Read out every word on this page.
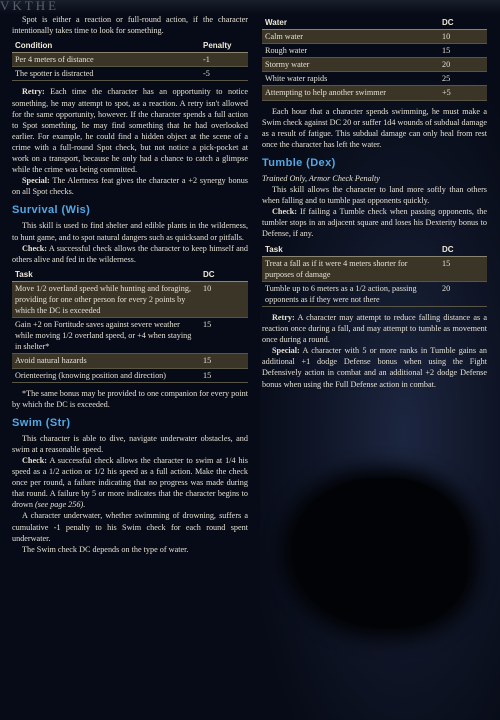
VKTHE

Spot is either a reaction or full-round action, if the character intentionally takes time to look for something.

Condition	Penalty
Per 4 meters of distance	-1
The spotter is distracted	-5

Retry: Each time the character has an opportunity to notice something, he may attempt to spot, as a reaction. A retry isn't allowed for the same opportunity, however. If the character spends a full action to Spot something, he may find something that he had overlooked earlier. For example, he could find a hidden object at the scene of a crime with a full-round Spot check, but not notice a pick-pocket at work on a transport, because he only had a chance to catch a glimpse while the crime was being committed.

Special: The Alertness feat gives the character a +2 synergy bonus on all Spot checks.

Survival (Wis)

This skill is used to find shelter and edible plants in the wilderness, to hunt game, and to spot natural dangers such as quicksand or pitfalls.

Check: A successful check allows the character to keep himself and others alive and fed in the wilderness.

Task	DC
Move 1/2 overland speed while hunting and foraging, providing for one other person for every 2 points by which the DC is exceeded	10
Gain +2 on Fortitude saves against severe weather while moving 1/2 overland speed, or +4 when staying in shelter*	15
Avoid natural hazards	15
Orienteering (knowing position and direction)	15

*The same bonus may be provided to one companion for every point by which the DC is exceeded.

Swim (Str)

This character is able to dive, navigate underwater obstacles, and swim at a reasonable speed.

Check: A successful check allows the character to swim at 1/4 his speed as a 1/2 action or 1/2 his speed as a full action. Make the check once per round, a failure indicating that no progress was made during that round. A failure by 5 or more indicates that the character begins to drown (see page 256).

A character underwater, whether swimming of drowning, suffers a cumulative -1 penalty to his Swim check for each round spent underwater.

The Swim check DC depends on the type of water.

Water	DC
Calm water	10
Rough water	15
Stormy water	20
White water rapids	25
Attempting to help another swimmer	+5

Each hour that a character spends swimming, he must make a Swim check against DC 20 or suffer 1d4 wounds of subdual damage as a result of fatigue. This subdual damage can only heal from rest once the character has left the water.

Tumble (Dex)

Trained Only, Armor Check Penalty

This skill allows the character to land more softly than others when falling and to tumble past opponents quickly.

Check: If failing a Tumble check when passing opponents, the tumbler stops in an adjacent square and loses his Dexterity bonus to Defense, if any.

Task	DC
Treat a fall as if it were 4 meters shorter for purposes of damage	15
Tumble up to 6 meters as a 1/2 action, passing opponents as if they were not there	20

Retry: A character may attempt to reduce falling distance as a reaction once during a fall, and may attempt to tumble as movement once during a round.

Special: A character with 5 or more ranks in Tumble gains an additional +1 dodge Defense bonus when using the Fight Defensively action in combat and an additional +2 dodge Defense bonus when using the Full Defense action in combat.
